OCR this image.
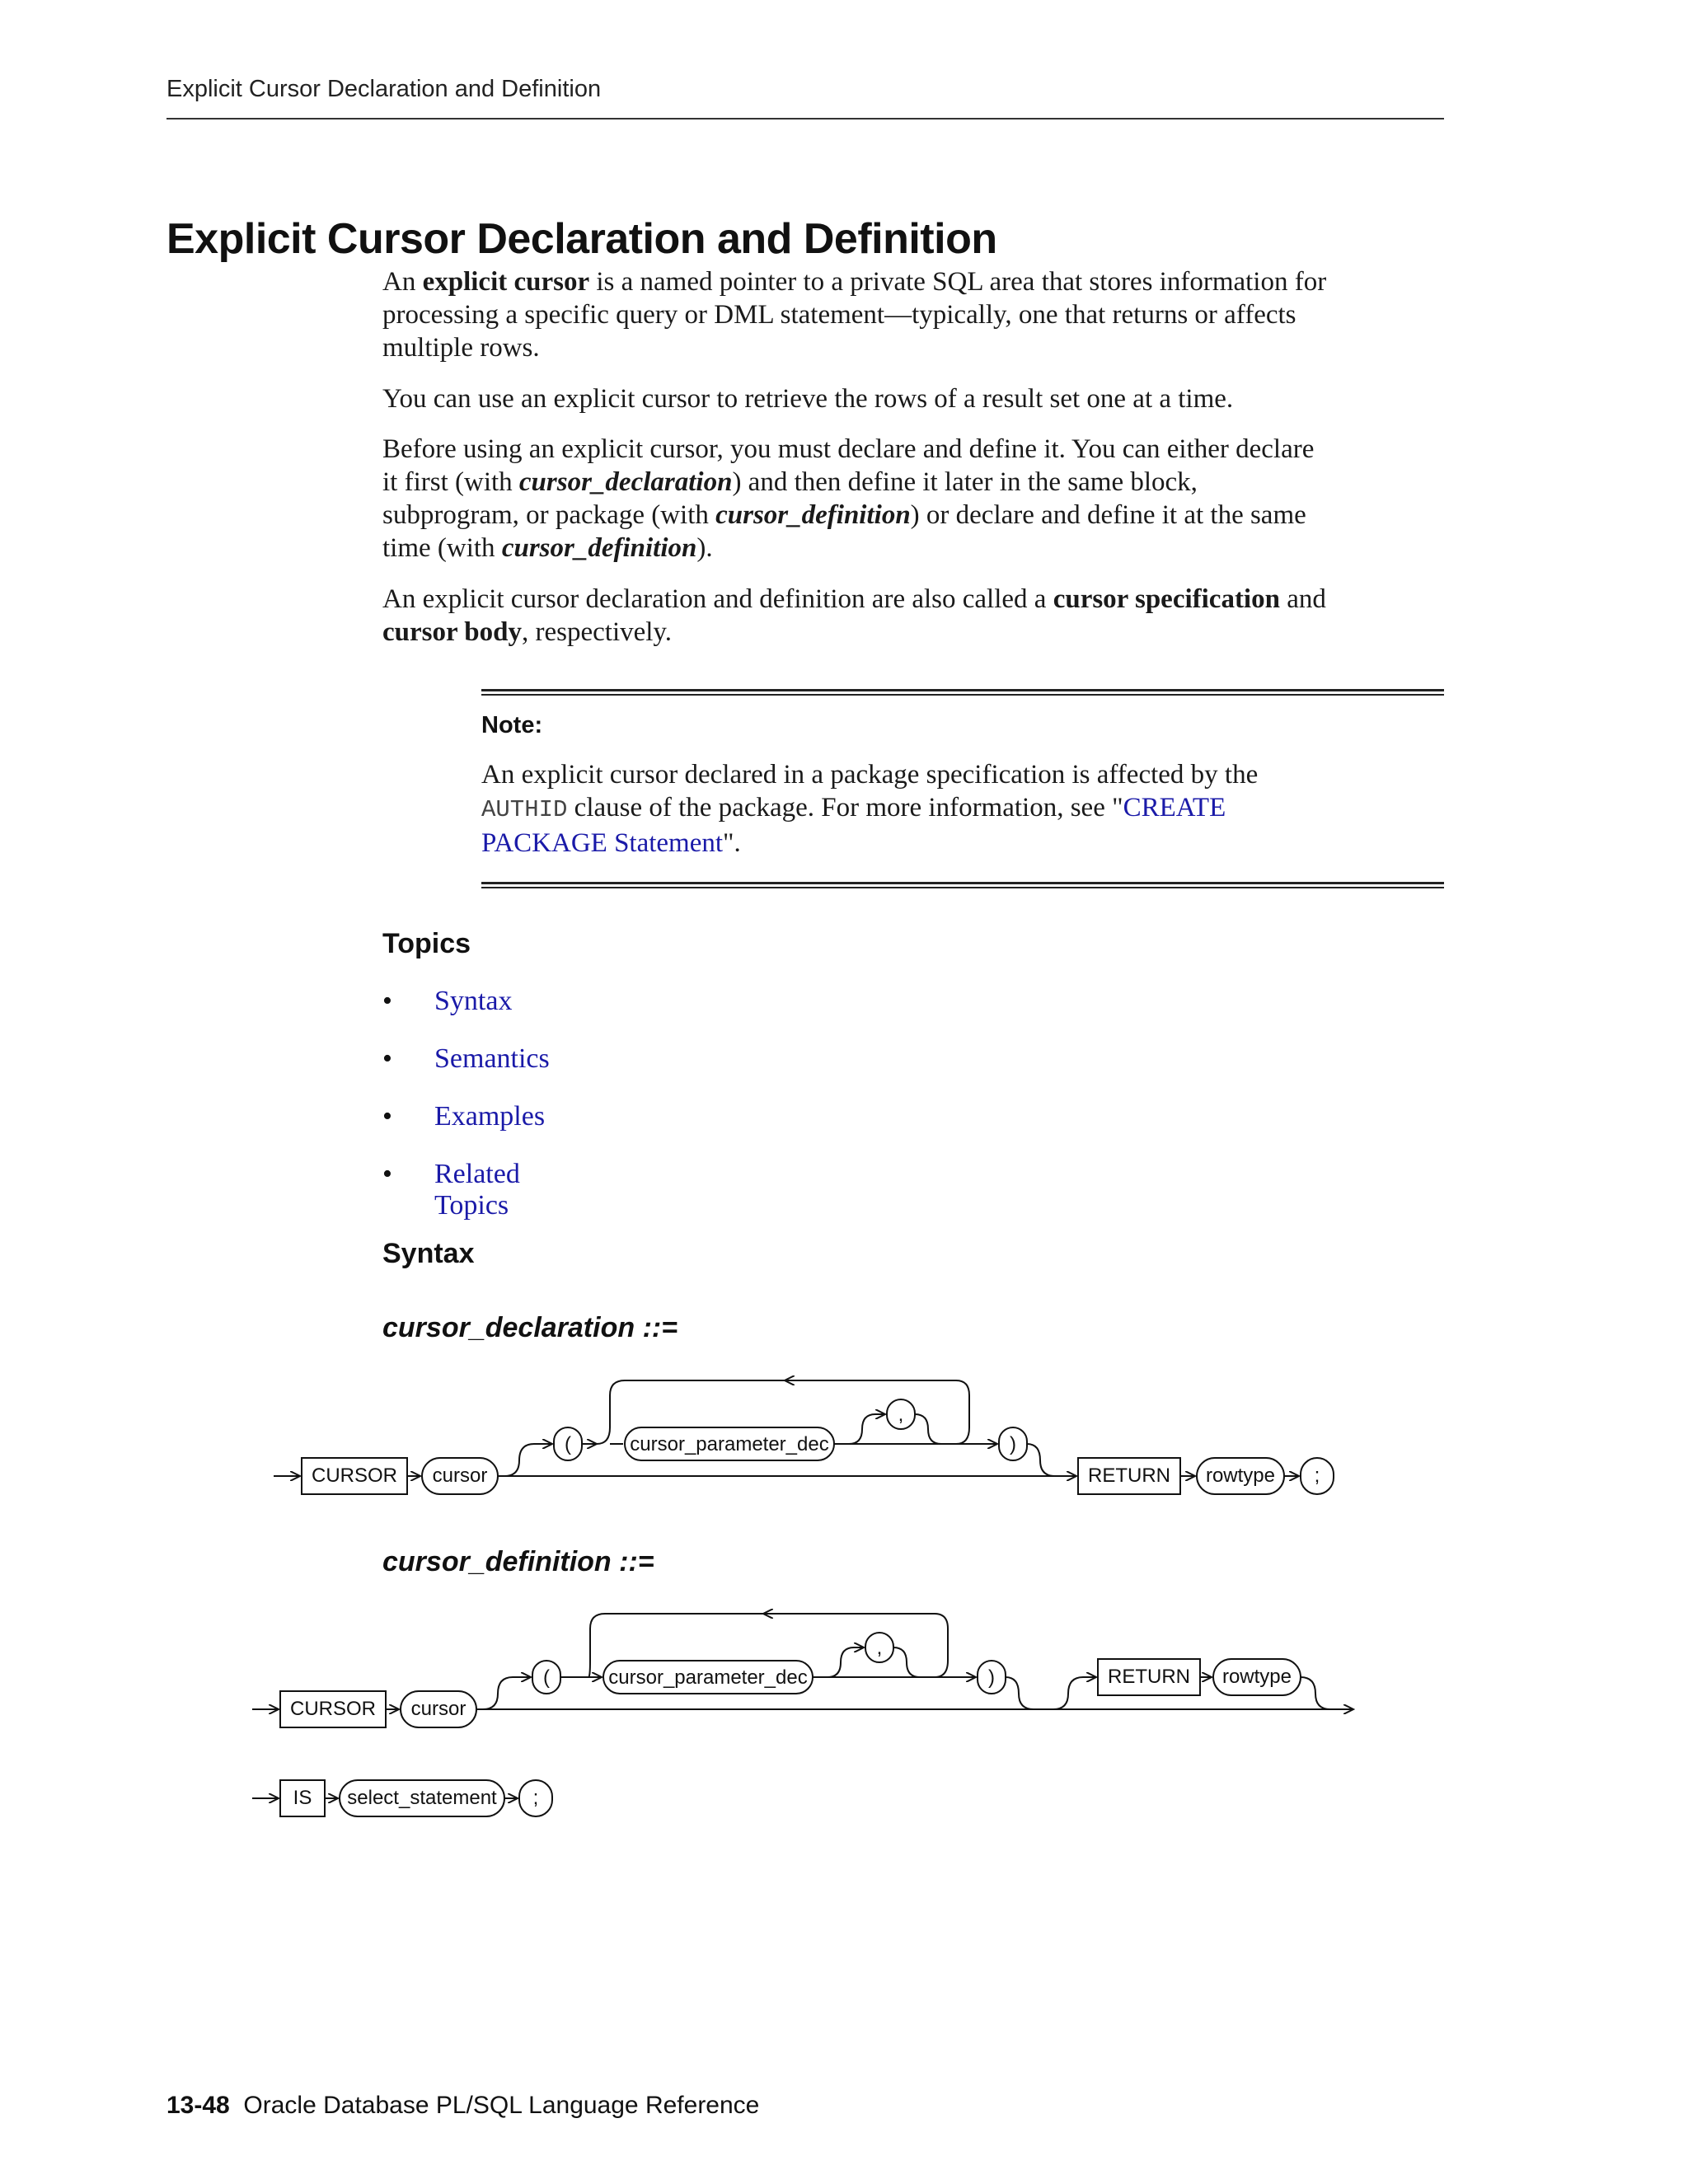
Explicit Cursor Declaration and Definition
Explicit Cursor Declaration and Definition

An explicit cursor is a named pointer to a private SQL area that stores information for

processing a specific query or DML statement—typically, one that returns or affects

multiple rows.

You can use an explicit cursor to retrieve the rows of a result set one at a time.

Before using an explicit cursor, you must declare and define it. You can either declare

it first (with cursor_declaration) and then define it later in the same block,

subprogram, or package (with cursor_definition) or declare and define it at the same

time (with cursor_definition).

An explicit cursor declaration and definition are also called a cursor specification and

cursor body, respectively.

Note:

An explicit cursor declared in a package specification is affected by the

AUTHID clause of the package. For more information, see "CREATE

PACKAGE Statement".

Topics
• Syntax
• Semantics
• Examples
• Related Topics
Syntax
cursor_declaration ::=
CURSOR cursor
(	cursor_parameter_dec
,
)
RETURN rowtype ;
CURSOR cursor
(	cursor_parameter_dec
,
)	RETURN rowtype
IS select_statement ;
cursor_definition ::=
13-48 Oracle Database PL/SQL Language Reference
